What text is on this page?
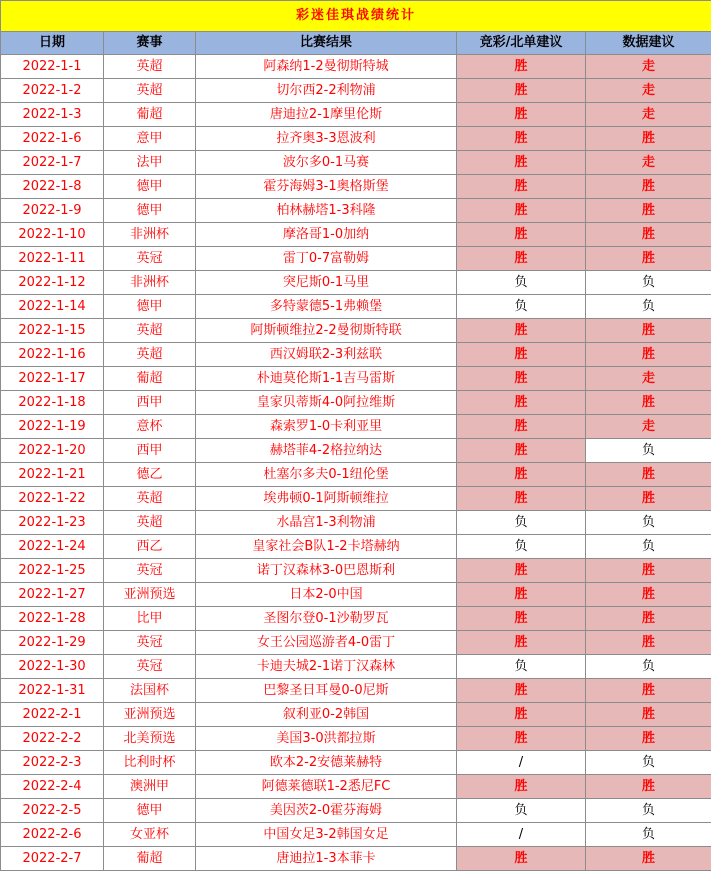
彩迷佳琪战绩统计				
日期	赛事	比赛结果	竞彩/北单建议	数据建议
2022-1-1	英超	阿森纳1-2曼彻斯特城	胜	走
2022-1-2	英超	切尔西2-2利物浦	胜	走
2022-1-3	葡超	唐迪拉2-1摩里伦斯	胜	走
2022-1-6	意甲	拉齐奥3-3恩波利	胜	胜
2022-1-7	法甲	波尔多0-1马赛	胜	走
2022-1-8	德甲	霍芬海姆3-1奥格斯堡	胜	胜
2022-1-9	德甲	柏林赫塔1-3科隆	胜	胜
2022-1-10	非洲杯	摩洛哥1-0加纳	胜	胜
2022-1-11	英冠	雷丁0-7富勒姆	胜	胜
2022-1-12	非洲杯	突尼斯0-1马里	负	负
2022-1-14	德甲	多特蒙德5-1弗赖堡	负	负
2022-1-15	英超	阿斯顿维拉2-2曼彻斯特联	胜	胜
2022-1-16	英超	西汉姆联2-3利兹联	胜	胜
2022-1-17	葡超	朴迪莫伦斯1-1吉马雷斯	胜	走
2022-1-18	西甲	皇家贝蒂斯4-0阿拉维斯	胜	胜
2022-1-19	意杯	森索罗1-0卡利亚里	胜	走
2022-1-20	西甲	赫塔菲4-2格拉纳达	胜	负
2022-1-21	德乙	杜塞尔多夫0-1纽伦堡	胜	胜
2022-1-22	英超	埃弗顿0-1阿斯顿维拉	胜	胜
2022-1-23	英超	水晶宫1-3利物浦	负	负
2022-1-24	西乙	皇家社会B队1-2卡塔赫纳	负	负
2022-1-25	英冠	诺丁汉森林3-0巴恩斯利	胜	胜
2022-1-27	亚洲预选	日本2-0中国	胜	胜
2022-1-28	比甲	圣图尔登0-1沙勒罗瓦	胜	胜
2022-1-29	英冠	女王公园巡游者4-0雷丁	胜	胜
2022-1-30	英冠	卡迪夫城2-1诺丁汉森林	负	负
2022-1-31	法国杯	巴黎圣日耳曼0-0尼斯	胜	胜
2022-2-1	亚洲预选	叙利亚0-2韩国	胜	胜
2022-2-2	北美预选	美国3-0洪都拉斯	胜	胜
2022-2-3	比利时杯	欧本2-2安德莱赫特	/	负
2022-2-4	澳洲甲	阿德莱德联1-2悉尼FC	胜	胜
2022-2-5	德甲	美因茨2-0霍芬海姆	负	负
2022-2-6	女亚杯	中国女足3-2韩国女足	/	负
2022-2-7	葡超	唐迪拉1-3本菲卡	胜	胜
